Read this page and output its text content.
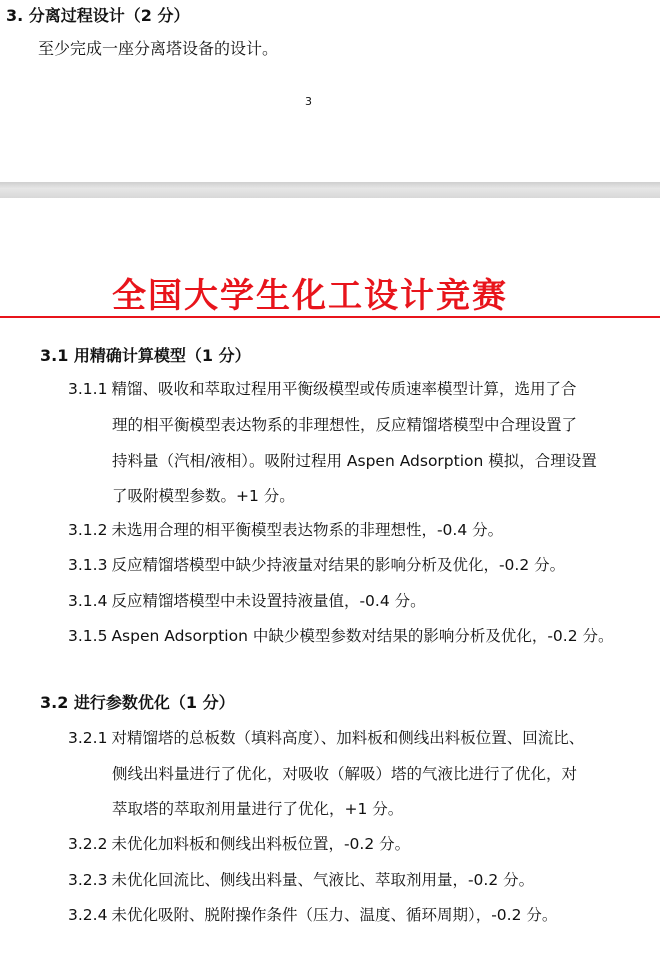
3. 分离过程设计（2 分）
至少完成一座分离塔设备的设计。
3
全国大学生化工设计竞赛
3.1 用精确计算模型（1 分）
3.1.1 精馏、吸收和萃取过程用平衡级模型或传质速率模型计算，选用了合
理的相平衡模型表达物系的非理想性，反应精馏塔模型中合理设置了
持料量（汽相/液相）。吸附过程用 Aspen Adsorption 模拟，合理设置
了吸附模型参数。+1 分。
3.1.2 未选用合理的相平衡模型表达物系的非理想性，-0.4 分。
3.1.3 反应精馏塔模型中缺少持液量对结果的影响分析及优化，-0.2 分。
3.1.4 反应精馏塔模型中未设置持液量值，-0.4 分。
3.1.5 Aspen Adsorption 中缺少模型参数对结果的影响分析及优化，-0.2 分。
3.2 进行参数优化（1 分）
3.2.1 对精馏塔的总板数（填料高度）、加料板和侧线出料板位置、回流比、
侧线出料量进行了优化，对吸收（解吸）塔的气液比进行了优化，对
萃取塔的萃取剂用量进行了优化，+1 分。
3.2.2 未优化加料板和侧线出料板位置，-0.2 分。
3.2.3 未优化回流比、侧线出料量、气液比、萃取剂用量，-0.2 分。
3.2.4 未优化吸附、脱附操作条件（压力、温度、循环周期），-0.2 分。
